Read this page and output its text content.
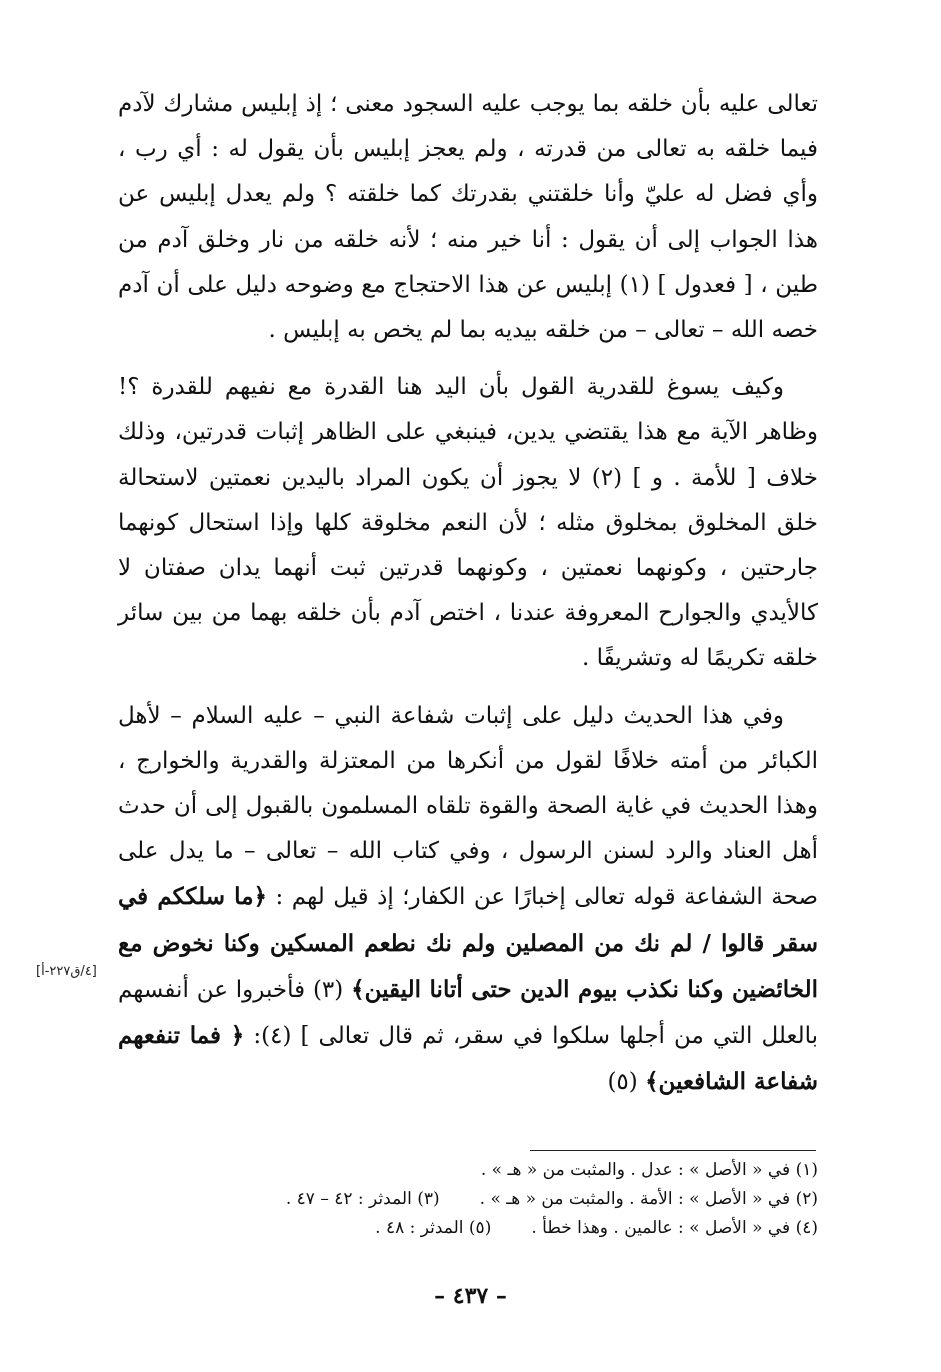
تعالى عليه بأن خلقه بما يوجب عليه السجود معنى ؛ إذ إبليس مشارك لآدم فيما خلقه به تعالى من قدرته ، ولم يعجز إبليس بأن يقول له : أي رب ، وأي فضل له عليّ وأنا خلقتني بقدرتك كما خلقته ؟ ولم يعدل إبليس عن هذا الجواب إلى أن يقول : أنا خير منه ؛ لأنه خلقه من نار وخلق آدم من طين ، [ فعدول ] (١) إبليس عن هذا الاحتجاج مع وضوحه دليل على أن آدم خصه الله – تعالى – من خلقه بيديه بما لم يخص به إبليس .

وكيف يسوغ للقدرية القول بأن اليد هنا القدرة مع نفيهم للقدرة ؟! وظاهر الآية مع هذا يقتضي يدين، فينبغي على الظاهر إثبات قدرتين، وذلك خلاف [ للأمة . و ] (٢) لا يجوز أن يكون المراد باليدين نعمتين لاستحالة خلق المخلوق بمخلوق مثله ؛ لأن النعم مخلوقة كلها وإذا استحال كونهما جارحتين ، وكونهما نعمتين ، وكونهما قدرتين ثبت أنهما يدان صفتان لا كالأيدي والجوارح المعروفة عندنا ، اختص آدم بأن خلقه بهما من بين سائر خلقه تكريمًا له وتشريفًا .

وفي هذا الحديث دليل على إثبات شفاعة النبي – عليه السلام – لأهل الكبائر من أمته خلافًا لقول من أنكرها من المعتزلة والقدرية والخوارج ، وهذا الحديث في غاية الصحة والقوة تلقاه المسلمون بالقبول إلى أن حدث أهل العناد والرد لسنن الرسول ، وفي كتاب الله – تعالى – ما يدل على صحة الشفاعة قوله تعالى إخبارًا عن الكفار؛ إذ قيل لهم : ﴿ما سلككم في سقر قالوا / لم نك من المصلين ولم نك نطعم المسكين وكنا نخوض مع الخائضين وكنا نكذب بيوم الدين حتى أتانا اليقين﴾ (٣) فأخبروا عن أنفسهم بالعلل التي من أجلها سلكوا في سقر، ثم قال تعالى ] (٤): ﴿ فما تنفعهم شفاعة الشافعين﴾ (٥)

[٤/ق٢٢٧-أ]
(١) في « الأصل » : عدل . والمثبت من « هـ » .
(٢) في « الأصل » : الأمة . والمثبت من « هـ » .(٣) المدثر : ٤٢ – ٤٧ .
(٤) في « الأصل » : عالمين . وهذا خطأ .(٥) المدثر : ٤٨ .
– ٤٣٧ –
